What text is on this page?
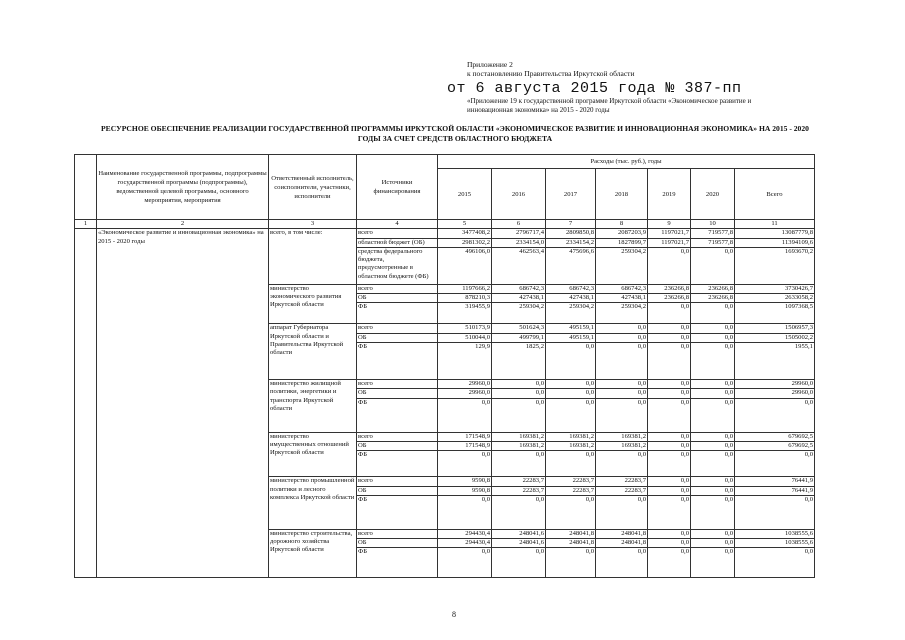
Приложение 2
к постановлению Правительства Иркутской области
от 6 августа 2015 года № 387-пп
«Приложение 19 к государственной программе Иркутской области «Экономическое развитие и инновационная экономика» на 2015 - 2020 годы
РЕСУРСНОЕ ОБЕСПЕЧЕНИЕ РЕАЛИЗАЦИИ ГОСУДАРСТВЕННОЙ ПРОГРАММЫ ИРКУТСКОЙ ОБЛАСТИ «ЭКОНОМИЧЕСКОЕ РАЗВИТИЕ И ИННОВАЦИОННАЯ ЭКОНОМИКА» НА 2015 - 2020 ГОДЫ ЗА СЧЕТ СРЕДСТВ ОБЛАСТНОГО БЮДЖЕТА
	Наименование государственной программы, подпрограммы государственной программы (подпрограммы), ведомственной целевой программы, основного мероприятия, мероприятия	Ответственный исполнитель, соисполнители, участники, исполнители	Источники финансирования	Расходы (тыс. руб.), годы						
				2015	2016	2017	2018	2019	2020	Всего
1	2	3	4	5	6	7	8	9	10	11
	«Экономическое развитие и инновационная экономика» на 2015 - 2020 годы	всего, в том числе:	всего	3477408,2	2796717,4	2809850,8	2087203,9	1197021,7	719577,8	13087779,8
			областной бюджет (ОБ)	2981302,2	2334154,0	2334154,2	1827899,7	1197021,7	719577,8	11394109,6
			средства федерального бюджета, предусмотренные в областном бюджете (ФБ)	496106,0	462563,4	475696,6	259304,2	0,0	0,0	1693670,2
		министерство экономического развития Иркутской области	всего	1197666,2	686742,3	686742,3	686742,3	236266,8	236266,8	3730426,7
			ОБ	878210,3	427438,1	427438,1	427438,1	236266,8	236266,8	2633058,2
			ФБ	319455,9	259304,2	259304,2	259304,2	0,0	0,0	1097368,5
		аппарат Губернатора Иркутской области и Правительства Иркутской области	всего	510173,9	501624,3	495159,1	0,0	0,0	0,0	1506957,3
			ОБ	510044,0	499799,1	495159,1	0,0	0,0	0,0	1505002,2
			ФБ	129,9	1825,2	0,0	0,0	0,0	0,0	1955,1
		министерство жилищной политики, энергетики и транспорта Иркутской области	всего	29960,0	0,0	0,0	0,0	0,0	0,0	29960,0
			ОБ	29960,0	0,0	0,0	0,0	0,0	0,0	29960,0
			ФБ	0,0	0,0	0,0	0,0	0,0	0,0	0,0
		министерство имущественных отношений Иркутской области	всего	171548,9	169381,2	169381,2	169381,2	0,0	0,0	679692,5
			ОБ	171548,9	169381,2	169381,2	169381,2	0,0	0,0	679692,5
			ФБ	0,0	0,0	0,0	0,0	0,0	0,0	0,0
		министерство промышленной политики и лесного комплекса Иркутской области	всего	9590,8	22283,7	22283,7	22283,7	0,0	0,0	76441,9
			ОБ	9590,8	22283,7	22283,7	22283,7	0,0	0,0	76441,9
			ФБ	0,0	0,0	0,0	0,0	0,0	0,0	0,0
		министерство строительства, дорожного хозяйства Иркутской области	всего	294430,4	248041,6	248041,8	248041,8	0,0	0,0	1038555,6
			ОБ	294430,4	248041,6	248041,8	248041,8	0,0	0,0	1038555,6
			ФБ	0,0	0,0	0,0	0,0	0,0	0,0	0,0
8
